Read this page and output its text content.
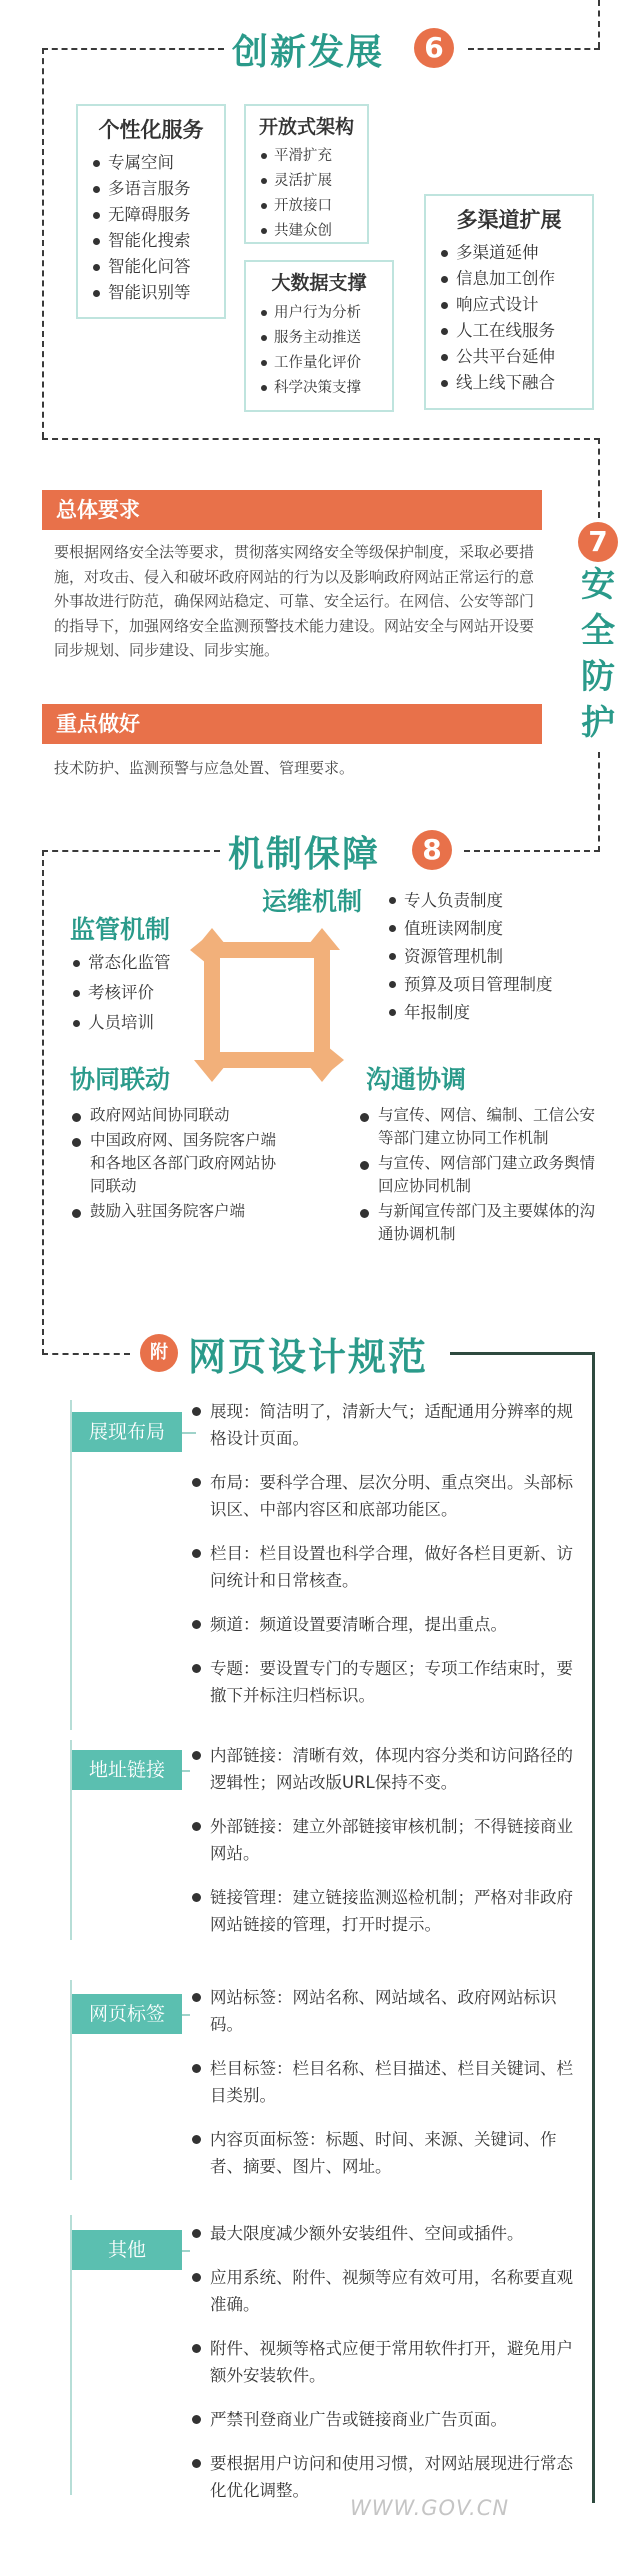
创新发展	6
个性化服务
专属空间
多语言服务
无障碍服务
智能化搜索
智能化问答
智能识别等
开放式架构
平滑扩充
灵活扩展
开放接口
共建众创
大数据支撑
用户行为分析
服务主动推送
工作量化评价
科学决策支撑
多渠道扩展
多渠道延伸
信息加工创作
响应式设计
人工在线服务
公共平台延伸
线上线下融合
总体要求
要根据网络安全法等要求，贯彻落实网络安全等级保护制度，采取必要措施，对攻击、侵入和破坏政府网站的行为以及影响政府网站正常运行的意外事故进行防范，确保网站稳定、可靠、安全运行。在网信、公安等部门的指导下，加强网络安全监测预警技术能力建设。网站安全与网站开设要同步规划、同步建设、同步实施。
重点做好
技术防护、监测预警与应急处置、管理要求。
7
安
全
防
护
机制保障	8
监管机制
常态化监管
考核评价
人员培训
运维机制	专人负责制度
值班读网制度
资源管理机制
预算及项目管理制度
年报制度
协同联动
政府网站间协同联动
中国政府网、国务院客户端和各地区各部门政府网站协同联动
鼓励入驻国务院客户端
沟通协调
与宣传、网信、编制、工信公安等部门建立协同工作机制
与宣传、网信部门建立政务舆情回应协同机制
与新闻宣传部门及主要媒体的沟通协调机制
附 网页设计规范
展现布局
展现：简洁明了，清新大气；适配通用分辨率的规格设计页面。
布局：要科学合理、层次分明、重点突出。头部标识区、中部内容区和底部功能区。
栏目：栏目设置也科学合理，做好各栏目更新、访问统计和日常核查。
频道：频道设置要清晰合理，提出重点。
专题：要设置专门的专题区；专项工作结束时，要撤下并标注归档标识。
地址链接
内部链接：清晰有效，体现内容分类和访问路径的逻辑性；网站改版URL保持不变。
外部链接：建立外部链接审核机制；不得链接商业网站。
链接管理：建立链接监测巡检机制；严格对非政府网站链接的管理，打开时提示。
网页标签
网站标签：网站名称、网站域名、政府网站标识码。
栏目标签：栏目名称、栏目描述、栏目关键词、栏目类别。
内容页面标签：标题、时间、来源、关键词、作者、摘要、图片、网址。
其他
最大限度减少额外安装组件、空间或插件。
应用系统、附件、视频等应有效可用，名称要直观准确。
附件、视频等格式应便于常用软件打开，避免用户额外安装软件。
严禁刊登商业广告或链接商业广告页面。
要根据用户访问和使用习惯，对网站展现进行常态化优化调整。
WWW.GOV.CN
